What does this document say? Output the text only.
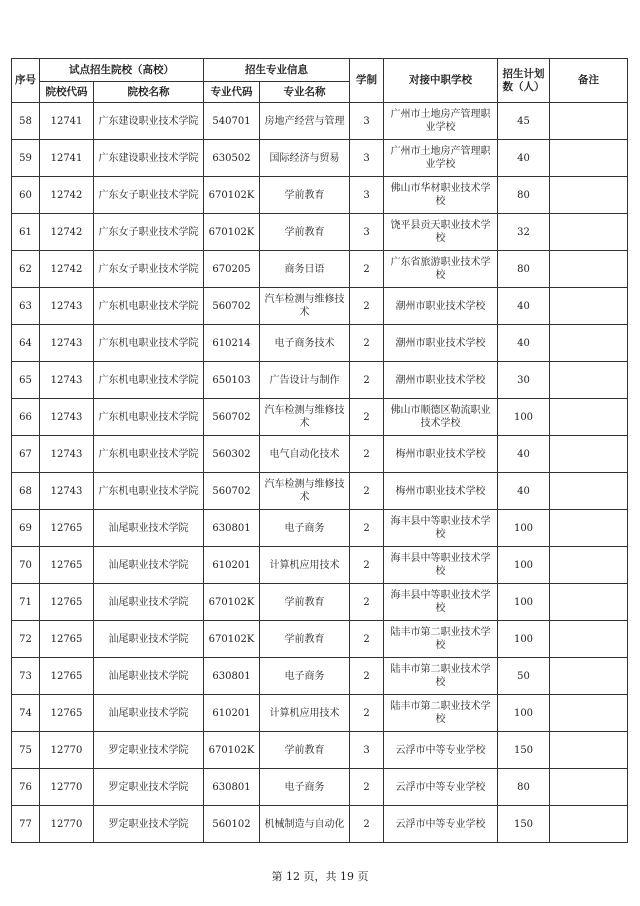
序号	试点招生院校（高校）		招生专业信息		学制	对接中职学校	招生计划数（人）	备注
	院校代码	院校名称	专业代码	专业名称				
58	12741	广东建设职业技术学院	540701	房地产经营与管理	3	广州市土地房产管理职业学校	45	
59	12741	广东建设职业技术学院	630502	国际经济与贸易	3	广州市土地房产管理职业学校	40	
60	12742	广东女子职业技术学院	670102K	学前教育	3	佛山市华材职业技术学校	80	
61	12742	广东女子职业技术学院	670102K	学前教育	3	饶平县贡天职业技术学校	32	
62	12742	广东女子职业技术学院	670205	商务日语	2	广东省旅游职业技术学校	80	
63	12743	广东机电职业技术学院	560702	汽车检测与维修技术	2	潮州市职业技术学校	40	
64	12743	广东机电职业技术学院	610214	电子商务技术	2	潮州市职业技术学校	40	
65	12743	广东机电职业技术学院	650103	广告设计与制作	2	潮州市职业技术学校	30	
66	12743	广东机电职业技术学院	560702	汽车检测与维修技术	2	佛山市顺德区勒流职业技术学校	100	
67	12743	广东机电职业技术学院	560302	电气自动化技术	2	梅州市职业技术学校	40	
68	12743	广东机电职业技术学院	560702	汽车检测与维修技术	2	梅州市职业技术学校	40	
69	12765	汕尾职业技术学院	630801	电子商务	2	海丰县中等职业技术学校	100	
70	12765	汕尾职业技术学院	610201	计算机应用技术	2	海丰县中等职业技术学校	100	
71	12765	汕尾职业技术学院	670102K	学前教育	2	海丰县中等职业技术学校	100	
72	12765	汕尾职业技术学院	670102K	学前教育	2	陆丰市第二职业技术学校	100	
73	12765	汕尾职业技术学院	630801	电子商务	2	陆丰市第二职业技术学校	50	
74	12765	汕尾职业技术学院	610201	计算机应用技术	2	陆丰市第二职业技术学校	100	
75	12770	罗定职业技术学院	670102K	学前教育	3	云浮市中等专业学校	150	
76	12770	罗定职业技术学院	630801	电子商务	2	云浮市中等专业学校	80	
77	12770	罗定职业技术学院	560102	机械制造与自动化	2	云浮市中等专业学校	150	
第 12 页，共 19 页
